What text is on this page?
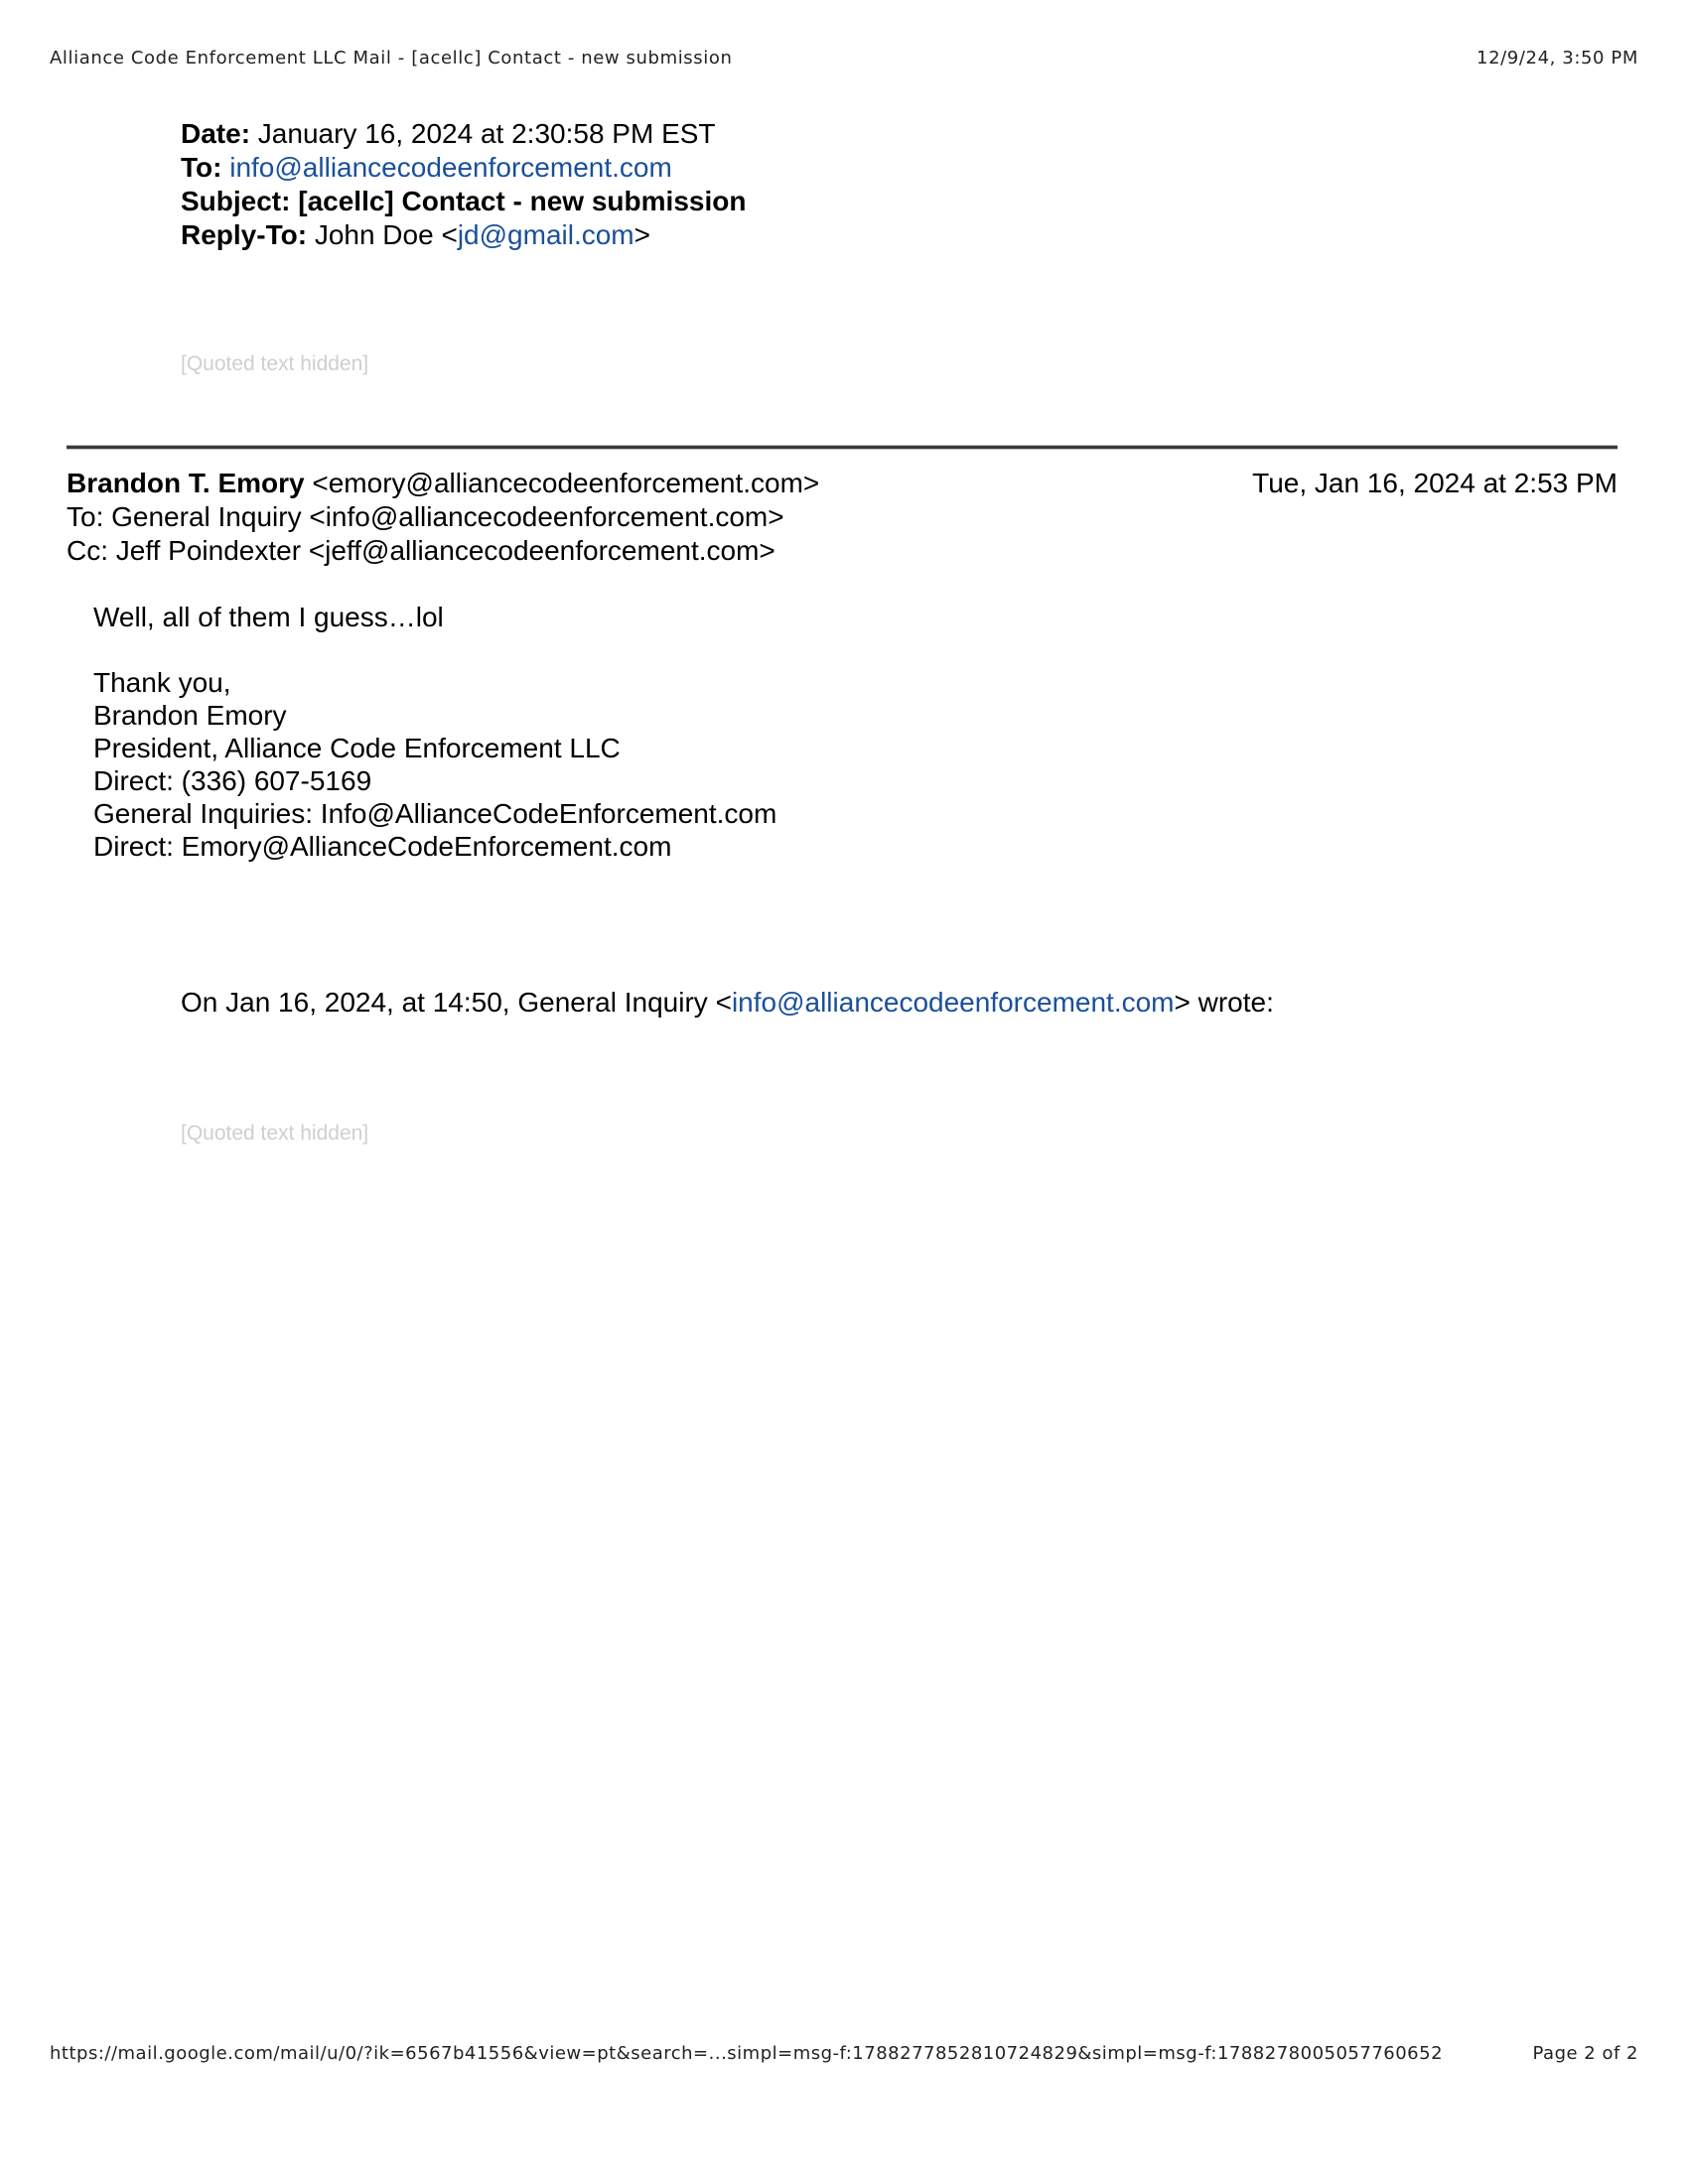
Alliance Code Enforcement LLC Mail - [acellc] Contact - new submission	12/9/24, 3:50 PM
Date: January 16, 2024 at 2:30:58 PM EST
To: info@alliancecodeenforcement.com
Subject: [acellc] Contact - new submission
Reply-To: John Doe <jd@gmail.com>
[Quoted text hidden]
Brandon T. Emory <emory@alliancecodeenforcement.com>	Tue, Jan 16, 2024 at 2:53 PM
To: General Inquiry <info@alliancecodeenforcement.com>
Cc: Jeff Poindexter <jeff@alliancecodeenforcement.com>
Well, all of them I guess…lol
Thank you,
Brandon Emory
President, Alliance Code Enforcement LLC
Direct: (336) 607-5169
General Inquiries: Info@AllianceCodeEnforcement.com
Direct: Emory@AllianceCodeEnforcement.com
On Jan 16, 2024, at 14:50, General Inquiry <info@alliancecodeenforcement.com> wrote:
[Quoted text hidden]
https://mail.google.com/mail/u/0/?ik=6567b41556&view=pt&search=...simpl=msg-f:1788277852810724829&simpl=msg-f:1788278005057760652	Page 2 of 2
